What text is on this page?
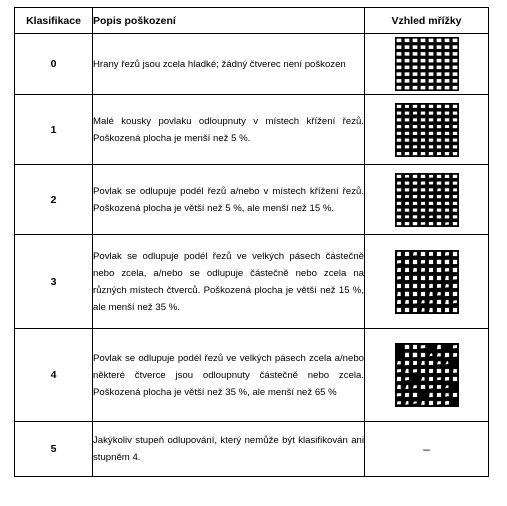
Klasifikace	Popis poškození	Vzhled mřížky
0	Hrany řezů jsou zcela hladké; žádný čtverec není poškozen	

1	Malé kousky povlaku odloupnuty v místech křížení řezů. Poškozená plocha je menší než 5 %.	

2	Povlak se odlupuje podél řezů a/nebo v místech křížení řezů. Poškozená plocha je větší než 5 %, ale menší než 15 %.	

3	Povlak se odlupuje podél řezů ve velkých pásech částečně nebo zcela, a/nebo se odlupuje částečně nebo zcela na různých místech čtverců. Poškozená plocha je větší než 15 %, ale menší než 35 %.	

4	Povlak se odlupuje podél řezů ve velkých pásech zcela a/nebo některé čtverce jsou odloupnuty částečně nebo zcela. Poškozená plocha je větší než 35 %, ale menší než 65 %	

5	Jakýkoliv stupeň odlupování, který nemůže být klasifikován ani stupněm 4.	–
